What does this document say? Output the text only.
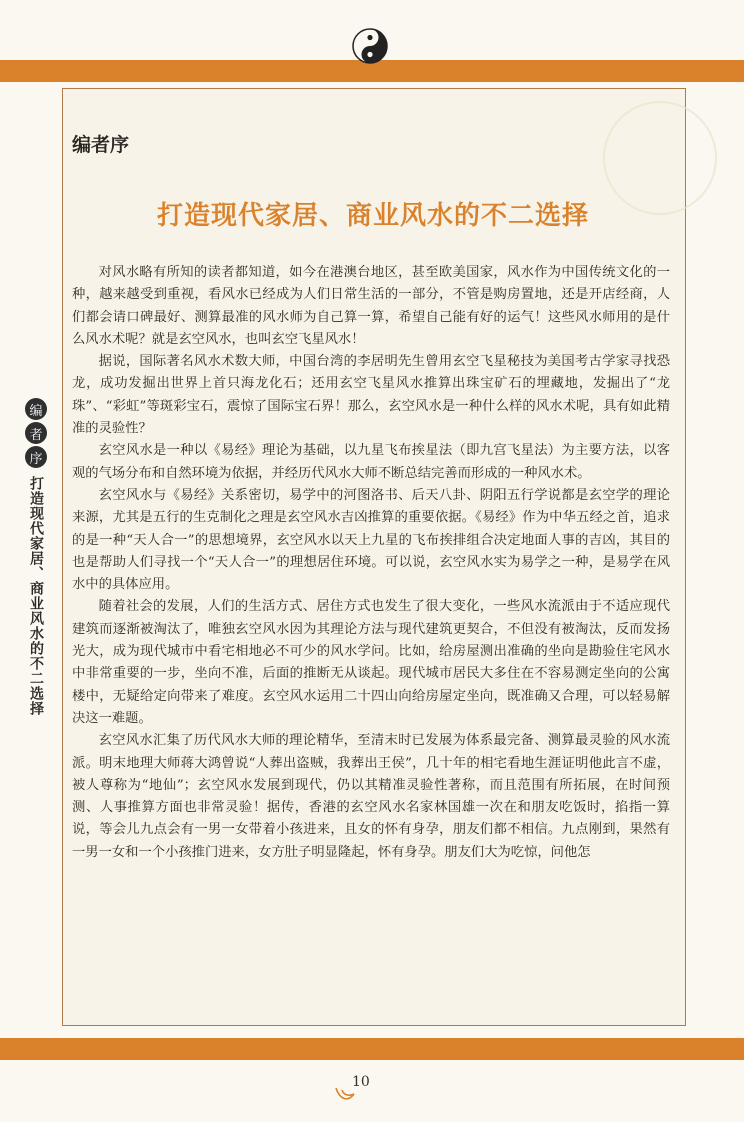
编者序
打造现代家居、商业风水的不二选择

对风水略有所知的读者都知道，如今在港澳台地区，甚至欧美国家，风水作为中国传统文化的一种，越来越受到重视，看风水已经成为人们日常生活的一部分，不管是购房置地，还是开店经商，人们都会请口碑最好、测算最准的风水师为自己算一算，希望自己能有好的运气！这些风水师用的是什么风水术呢？就是玄空风水，也叫玄空飞星风水！

据说，国际著名风水术数大师，中国台湾的李居明先生曾用玄空飞星秘技为美国考古学家寻找恐龙，成功发掘出世界上首只海龙化石；还用玄空飞星风水推算出珠宝矿石的埋藏地，发掘出了“龙珠”、“彩虹”等斑彩宝石，震惊了国际宝石界！那么，玄空风水是一种什么样的风水术呢，具有如此精准的灵验性？

玄空风水是一种以《易经》理论为基础，以九星飞布挨星法（即九宫飞星法）为主要方法，以客观的气场分布和自然环境为依据，并经历代风水大师不断总结完善而形成的一种风水术。

玄空风水与《易经》关系密切，易学中的河图洛书、后天八卦、阴阳五行学说都是玄空学的理论来源，尤其是五行的生克制化之理是玄空风水吉凶推算的重要依据。《易经》作为中华五经之首，追求的是一种“天人合一”的思想境界，玄空风水以天上九星的飞布挨排组合决定地面人事的吉凶，其目的也是帮助人们寻找一个“天人合一”的理想居住环境。可以说，玄空风水实为易学之一种，是易学在风水中的具体应用。

随着社会的发展，人们的生活方式、居住方式也发生了很大变化，一些风水流派由于不适应现代建筑而逐渐被淘汰了，唯独玄空风水因为其理论方法与现代建筑更契合，不但没有被淘汰，反而发扬光大，成为现代城市中看宅相地必不可少的风水学问。比如，给房屋测出准确的坐向是勘验住宅风水中非常重要的一步，坐向不准，后面的推断无从谈起。现代城市居民大多住在不容易测定坐向的公寓楼中，无疑给定向带来了难度。玄空风水运用二十四山向给房屋定坐向，既准确又合理，可以轻易解决这一难题。

玄空风水汇集了历代风水大师的理论精华，至清末时已发展为体系最完备、测算最灵验的风水流派。明末地理大师蒋大鸿曾说“人葬出盗贼，我葬出王侯”，几十年的相宅看地生涯证明他此言不虚，被人尊称为“地仙”；玄空风水发展到现代，仍以其精准灵验性著称，而且范围有所拓展，在时间预测、人事推算方面也非常灵验！据传，香港的玄空风水名家林国雄一次在和朋友吃饭时，掐指一算说，等会儿九点会有一男一女带着小孩进来，且女的怀有身孕，朋友们都不相信。九点刚到，果然有一男一女和一个小孩推门进来，女方肚子明显隆起，怀有身孕。朋友们大为吃惊，问他怎

编
者
序
打造现代家居、商业风水的不二选择
10
